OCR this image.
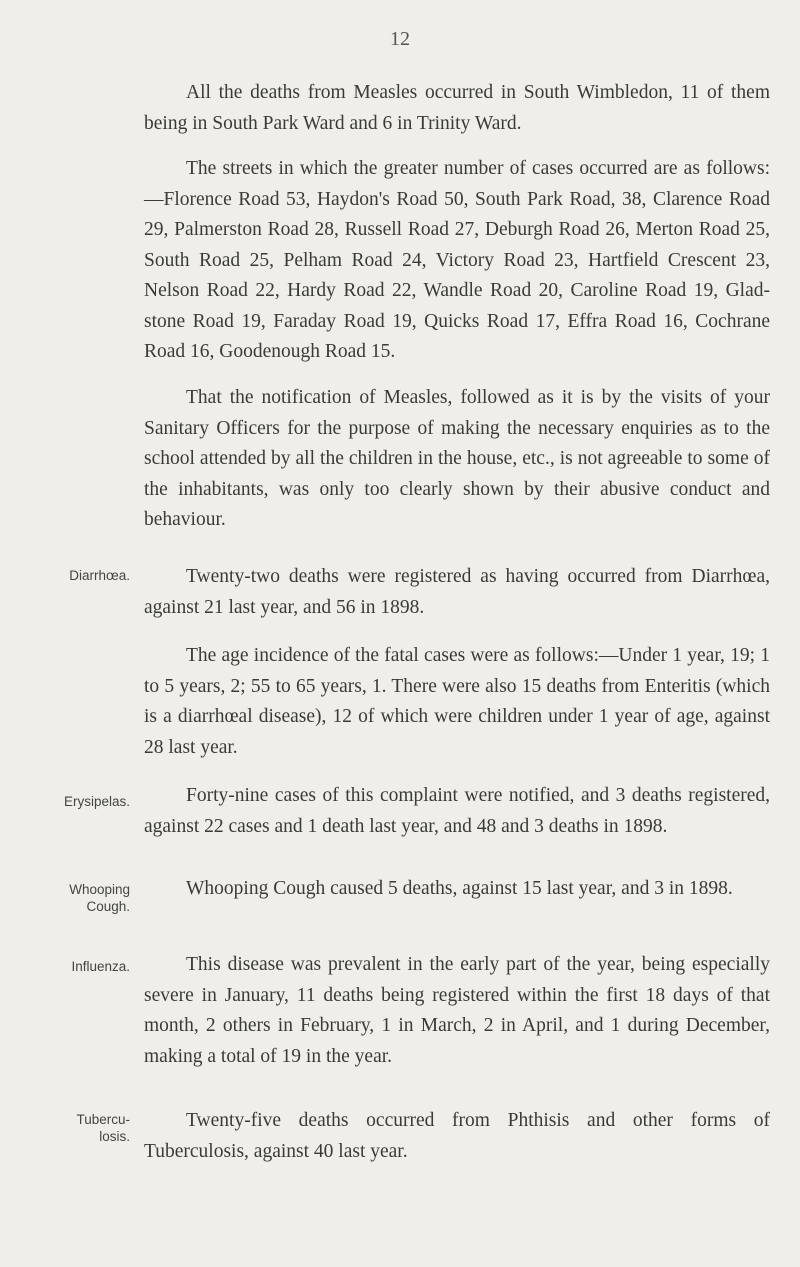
12

All the deaths from Measles occurred in South Wimbledon, 11 of them being in South Park Ward and 6 in Trinity Ward.

The streets in which the greater number of cases occurred are as follows:—Florence Road 53, Haydon's Road 50, South Park Road, 38, Clarence Road 29, Palmerston Road 28, Russell Road 27, Deburgh Road 26, Merton Road 25, South Road 25, Pelham Road 24, Victory Road 23, Hartfield Crescent 23, Nelson Road 22, Hardy Road 22, Wandle Road 20, Caroline Road 19, Glad- stone Road 19, Faraday Road 19, Quicks Road 17, Effra Road 16, Cochrane Road 16, Goodenough Road 15.

That the notification of Measles, followed as it is by the visits of your Sanitary Officers for the purpose of making the necessary enquiries as to the school attended by all the children in the house, etc., is not agreeable to some of the inhabitants, was only too clearly shown by their abusive conduct and behaviour.

Diarrhœa.	Twenty-two deaths were registered as having occurred from Diarrhœa, against 21 last year, and 56 in 1898.

The age incidence of the fatal cases were as follows:—Under 1 year, 19; 1 to 5 years, 2; 55 to 65 years, 1. There were also 15 deaths from Enteritis (which is a diarrhœal disease), 12 of which were children under 1 year of age, against 28 last year.

Erysipelas.	Forty-nine cases of this complaint were notified, and 3 deaths registered, against 22 cases and 1 death last year, and 48 and 3 deaths in 1898.

Whooping
Cough.

Whooping Cough caused 5 deaths, against 15 last year, and 3 in 1898.

Influenza.	This disease was prevalent in the early part of the year, being especially severe in January, 11 deaths being registered within the first 18 days of that month, 2 others in February, 1 in March, 2 in April, and 1 during December, making a total of 19 in the year.

Tubercu-
losis.

Twenty-five deaths occurred from Phthisis and other forms of Tuberculosis, against 40 last year.
